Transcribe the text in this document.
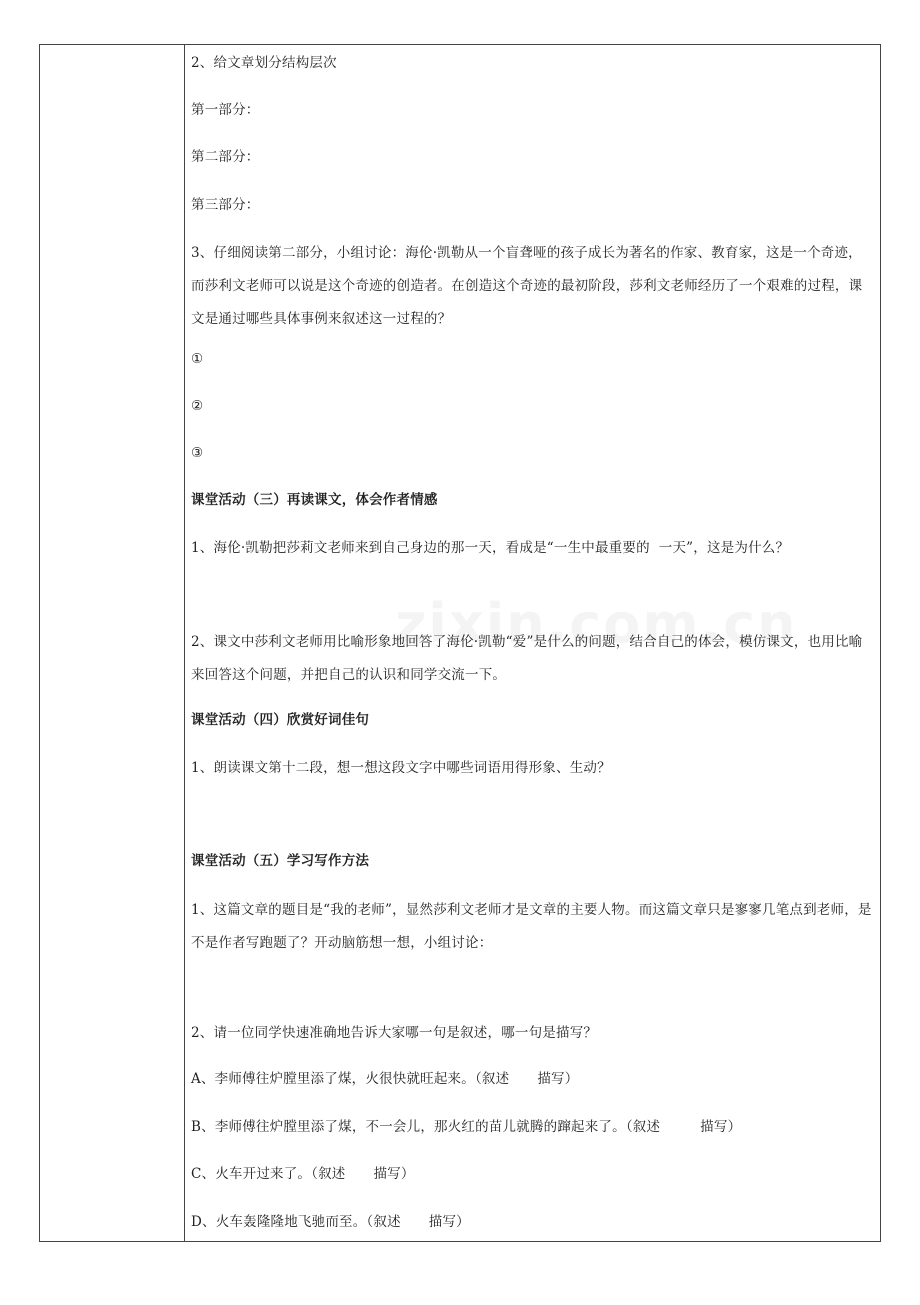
2、给文章划分结构层次
第一部分：
第二部分：
第三部分：
3、仔细阅读第二部分，小组讨论：海伦·凯勒从一个盲聋哑的孩子成长为著名的作家、教育家，这是一个奇迹，而莎利文老师可以说是这个奇迹的创造者。在创造这个奇迹的最初阶段，莎利文老师经历了一个艰难的过程，课文是通过哪些具体事例来叙述这一过程的？
①
②
③
课堂活动（三）再读课文，体会作者情感
1、海伦·凯勒把莎莉文老师来到自己身边的那一天，看成是“一生中最重要的  一天”，这是为什么？
2、课文中莎利文老师用比喻形象地回答了海伦·凯勒“爱”是什么的问题，结合自己的体会，模仿课文，也用比喻来回答这个问题，并把自己的认识和同学交流一下。
课堂活动（四）欣赏好词佳句
1、朗读课文第十二段，想一想这段文字中哪些词语用得形象、生动？
课堂活动（五）学习写作方法
1、这篇文章的题目是“我的老师”，显然莎利文老师才是文章的主要人物。而这篇文章只是寥寥几笔点到老师，是不是作者写跑题了？开动脑筋想一想，小组讨论：
2、请一位同学快速准确地告诉大家哪一句是叙述，哪一句是描写？
A、李师傅往炉膛里添了煤，火很快就旺起来。（叙述 描写）
B、李师傅往炉膛里添了煤，不一会儿，那火红的苗儿就腾的蹿起来了。（叙述	描写）
C、火车开过来了。（叙述 描写）
D、火车轰隆隆地飞驰而至。（叙述 描写）
